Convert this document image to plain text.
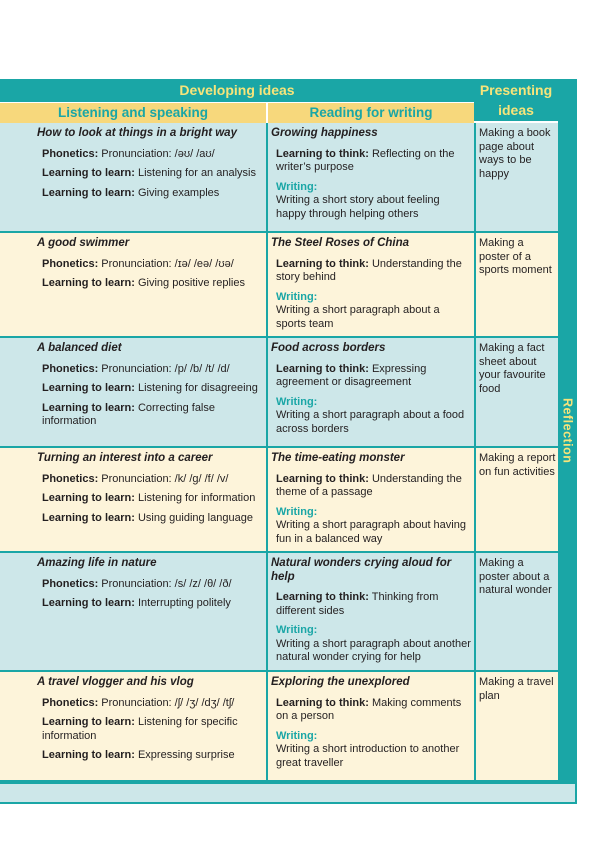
Developing ideas	Presenting
ideas
Listening and speaking	Reading for writing
Reflection
How to look at things in a bright way
Phonetics: Pronunciation: /əʊ/ /aʊ/
Learning to learn: Listening for an analysis
Learning to learn: Giving examples
Growing happiness
Learning to think: Reflecting on the writer’s purpose
Writing:
Writing a short story about feeling happy through helping others
Making a book page about ways to be happy
A good swimmer
Phonetics: Pronunciation: /ɪə/ /eə/ /ʊə/
Learning to learn: Giving positive replies
The Steel Roses of China
Learning to think: Understanding the story behind
Writing:
Writing a short paragraph about a sports team
Making a poster of a sports moment
A balanced diet
Phonetics: Pronunciation: /p/ /b/ /t/ /d/
Learning to learn: Listening for disagreeing
Learning to learn: Correcting false information
Food across borders
Learning to think: Expressing agreement or disagreement
Writing:
Writing a short paragraph about a food across borders
Making a fact sheet about your favourite food
Turning an interest into a career
Phonetics: Pronunciation: /k/ /g/ /f/ /v/
Learning to learn: Listening for information
Learning to learn: Using guiding language
The time-eating monster
Learning to think: Understanding the theme of a passage
Writing:
Writing a short paragraph about having fun in a balanced way
Making a report on fun activities
Amazing life in nature
Phonetics: Pronunciation: /s/ /z/ /θ/ /ð/
Learning to learn: Interrupting politely
Natural wonders crying aloud for help
Learning to think: Thinking from different sides
Writing:
Writing a short paragraph about another natural wonder crying for help
Making a poster about a natural wonder
A travel vlogger and his vlog
Phonetics: Pronunciation: /ʃ/ /ʒ/ /dʒ/ /tʃ/
Learning to learn: Listening for specific information
Learning to learn: Expressing surprise
Exploring the unexplored
Learning to think: Making comments on a person
Writing:
Writing a short introduction to another great traveller
Making a travel plan
